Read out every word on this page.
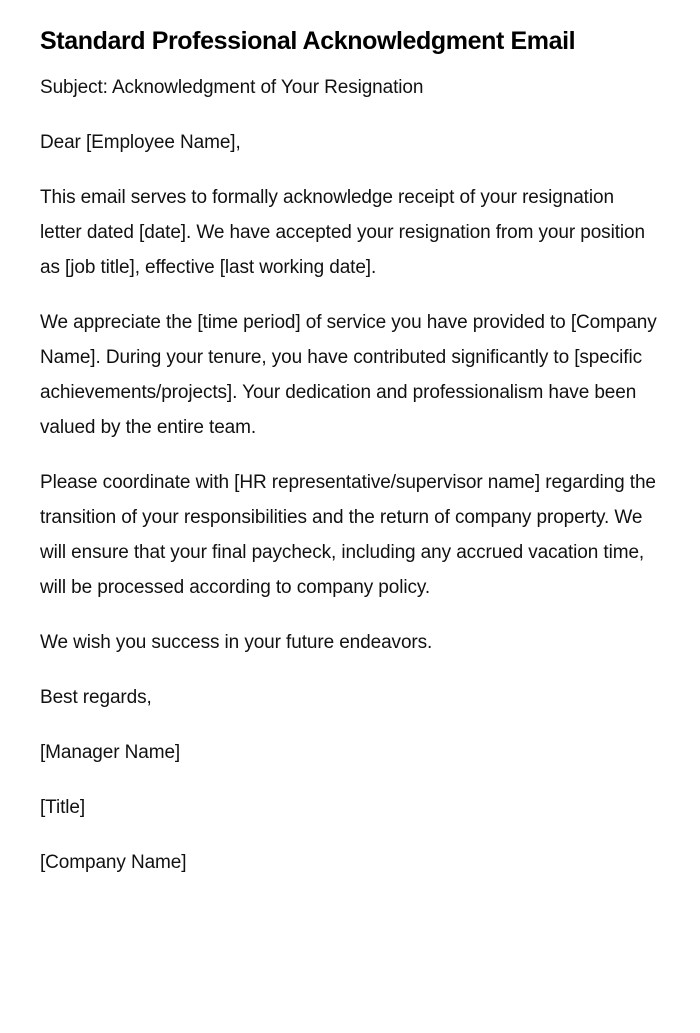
Standard Professional Acknowledgment Email

Subject: Acknowledgment of Your Resignation

Dear [Employee Name],

This email serves to formally acknowledge receipt of your resignation letter dated [date]. We have accepted your resignation from your position as [job title], effective [last working date].

We appreciate the [time period] of service you have provided to [Company Name]. During your tenure, you have contributed significantly to [specific achievements/projects]. Your dedication and professionalism have been valued by the entire team.

Please coordinate with [HR representative/supervisor name] regarding the transition of your responsibilities and the return of company property. We will ensure that your final paycheck, including any accrued vacation time, will be processed according to company policy.

We wish you success in your future endeavors.

Best regards,

[Manager Name]

[Title]

[Company Name]
